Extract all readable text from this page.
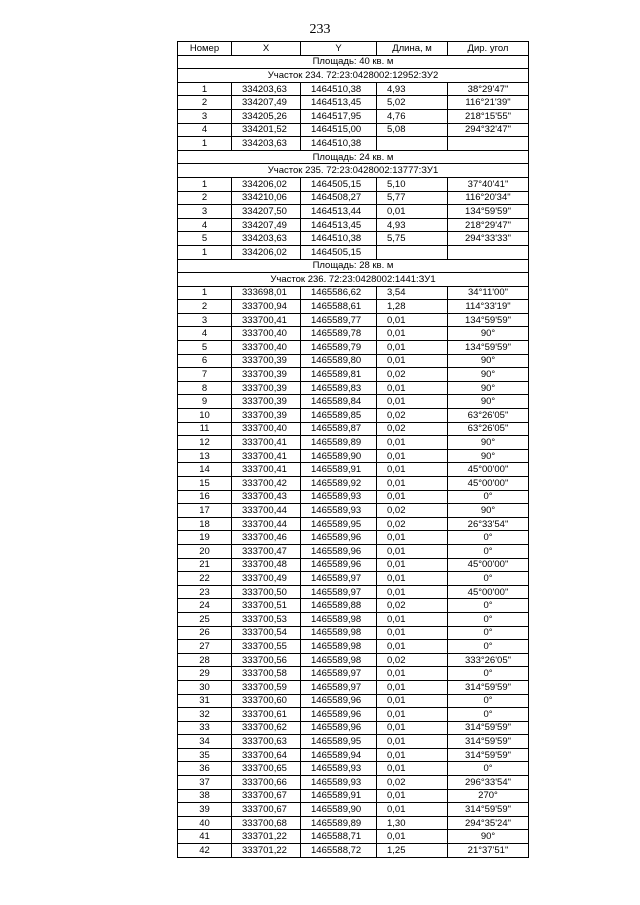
233
Номер	X	Y	Длина, м	Дир. угол
Площадь: 40 кв. м				
Участок 234. 72:23:0428002:12952:ЗУ2				
1	334203,63	1464510,38	4,93	38°29'47"
2	334207,49	1464513,45	5,02	116°21'39"
3	334205,26	1464517,95	4,76	218°15'55"
4	334201,52	1464515,00	5,08	294°32'47"
1	334203,63	1464510,38		
Площадь: 24 кв. м				
Участок 235. 72:23:0428002:13777:ЗУ1				
1	334206,02	1464505,15	5,10	37°40'41"
2	334210,06	1464508,27	5,77	116°20'34"
3	334207,50	1464513,44	0,01	134°59'59"
4	334207,49	1464513,45	4,93	218°29'47"
5	334203,63	1464510,38	5,75	294°33'33"
1	334206,02	1464505,15		
Площадь: 28 кв. м				
Участок 236. 72:23:0428002:1441:ЗУ1				
1	333698,01	1465586,62	3,54	34°11'00"
2	333700,94	1465588,61	1,28	114°33'19"
3	333700,41	1465589,77	0,01	134°59'59"
4	333700,40	1465589,78	0,01	90°
5	333700,40	1465589,79	0,01	134°59'59"
6	333700,39	1465589,80	0,01	90°
7	333700,39	1465589,81	0,02	90°
8	333700,39	1465589,83	0,01	90°
9	333700,39	1465589,84	0,01	90°
10	333700,39	1465589,85	0,02	63°26'05"
11	333700,40	1465589,87	0,02	63°26'05"
12	333700,41	1465589,89	0,01	90°
13	333700,41	1465589,90	0,01	90°
14	333700,41	1465589,91	0,01	45°00'00"
15	333700,42	1465589,92	0,01	45°00'00"
16	333700,43	1465589,93	0,01	0°
17	333700,44	1465589,93	0,02	90°
18	333700,44	1465589,95	0,02	26°33'54"
19	333700,46	1465589,96	0,01	0°
20	333700,47	1465589,96	0,01	0°
21	333700,48	1465589,96	0,01	45°00'00"
22	333700,49	1465589,97	0,01	0°
23	333700,50	1465589,97	0,01	45°00'00"
24	333700,51	1465589,88	0,02	0°
25	333700,53	1465589,98	0,01	0°
26	333700,54	1465589,98	0,01	0°
27	333700,55	1465589,98	0,01	0°
28	333700,56	1465589,98	0,02	333°26'05"
29	333700,58	1465589,97	0,01	0°
30	333700,59	1465589,97	0,01	314°59'59"
31	333700,60	1465589,96	0,01	0°
32	333700,61	1465589,96	0,01	0°
33	333700,62	1465589,96	0,01	314°59'59"
34	333700,63	1465589,95	0,01	314°59'59"
35	333700,64	1465589,94	0,01	314°59'59"
36	333700,65	1465589,93	0,01	0°
37	333700,66	1465589,93	0,02	296°33'54"
38	333700,67	1465589,91	0,01	270°
39	333700,67	1465589,90	0,01	314°59'59"
40	333700,68	1465589,89	1,30	294°35'24"
41	333701,22	1465588,71	0,01	90°
42	333701,22	1465588,72	1,25	21°37'51"
